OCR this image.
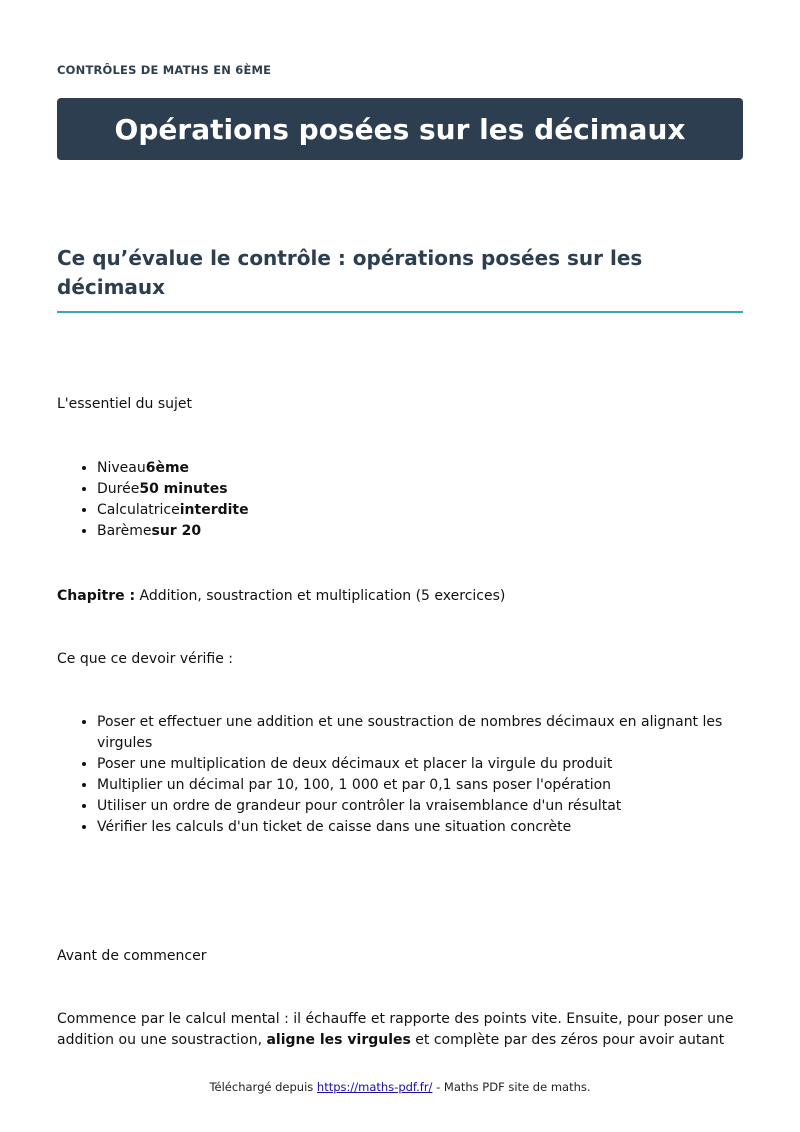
CONTRÔLES DE MATHS EN 6ÈME
Opérations posées sur les décimaux
Ce qu’évalue le contrôle : opérations posées sur les décimaux

L'essentiel du sujet

• Niveau6ème
• Durée50 minutes
• Calculatriceinterdite
• Barèmesur 20

Chapitre : Addition, soustraction et multiplication (5 exercices)

Ce que ce devoir vérifie :

• Poser et effectuer une addition et une soustraction de nombres décimaux en alignant les virgules
• Poser une multiplication de deux décimaux et placer la virgule du produit
• Multiplier un décimal par 10, 100, 1 000 et par 0,1 sans poser l'opération
• Utiliser un ordre de grandeur pour contrôler la vraisemblance d'un résultat
• Vérifier les calculs d'un ticket de caisse dans une situation concrète

Avant de commencer

Commence par le calcul mental : il échauffe et rapporte des points vite. Ensuite, pour poser une addition ou une soustraction, aligne les virgules et complète par des zéros pour avoir autant

Téléchargé depuis https://maths-pdf.fr/ - Maths PDF site de maths.
